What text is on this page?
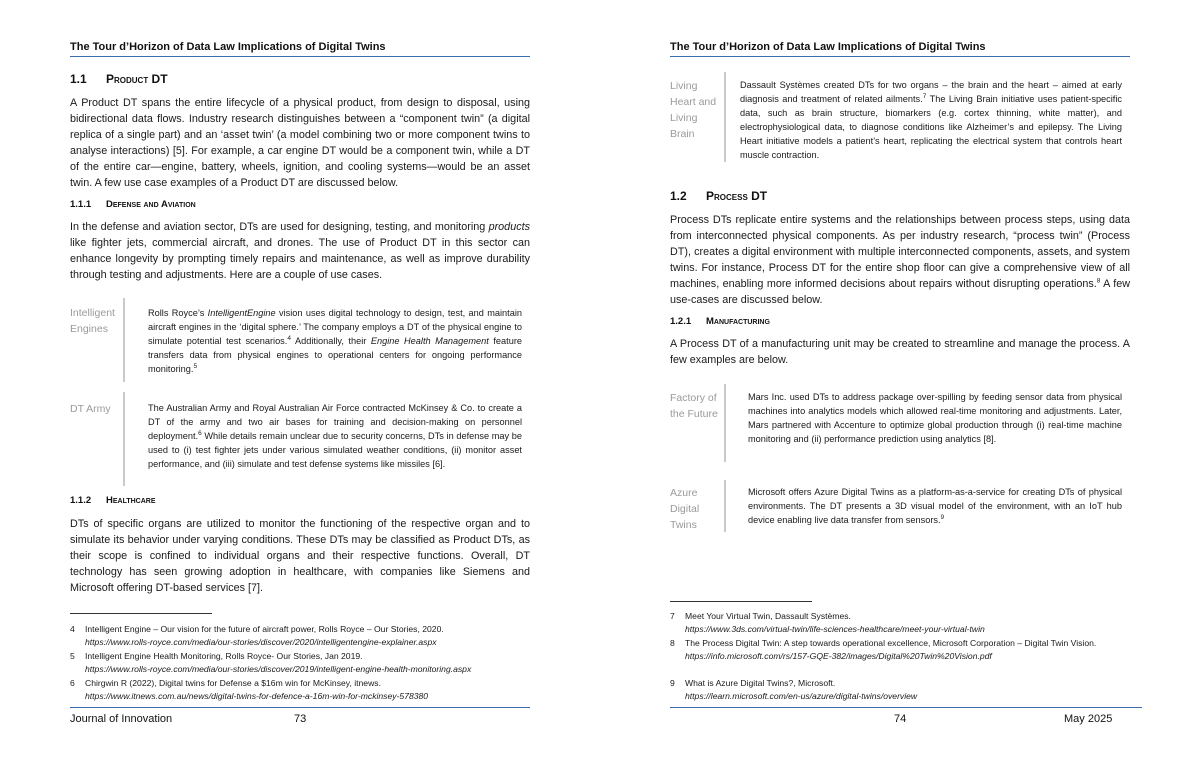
The Tour d’Horizon of Data Law Implications of Digital Twins
1.1 Product DT
A Product DT spans the entire lifecycle of a physical product, from design to disposal, using bidirectional data flows. Industry research distinguishes between a “component twin” (a digital replica of a single part) and an ‘asset twin’ (a model combining two or more component twins to analyse interactions) [5]. For example, a car engine DT would be a component twin, while a DT of the entire car—engine, battery, wheels, ignition, and cooling systems—would be an asset twin. A few use case examples of a Product DT are discussed below.
1.1.1 Defense and Aviation
In the defense and aviation sector, DTs are used for designing, testing, and monitoring products like fighter jets, commercial aircraft, and drones. The use of Product DT in this sector can enhance longevity by prompting timely repairs and maintenance, as well as improve durability through testing and adjustments. Here are a couple of use cases.
Intelligent Engines
Rolls Royce’s IntelligentEngine vision uses digital technology to design, test, and maintain aircraft engines in the ‘digital sphere.’ The company employs a DT of the physical engine to simulate potential test scenarios.$^4$ Additionally, their Engine Health Management feature transfers data from physical engines to operational centers for ongoing performance monitoring.$^5$
DT Army	The Australian Army and Royal Australian Air Force contracted McKinsey & Co. to create a DT of the army and two air bases for training and decision-making on personnel deployment.$^6$ While details remain unclear due to security concerns, DTs in defense may be used to (i) test fighter jets under various simulated weather conditions, (ii) monitor asset performance, and (iii) simulate and test defense systems like missiles [6].
1.1.2 Healthcare
DTs of specific organs are utilized to monitor the functioning of the respective organ and to simulate its behavior under varying conditions. These DTs may be classified as Product DTs, as their scope is confined to individual organs and their respective functions. Overall, DT technology has seen growing adoption in healthcare, with companies like Siemens and Microsoft offering DT-based services [7].
4 Intelligent Engine – Our vision for the future of aircraft power, Rolls Royce – Our Stories, 2020.
https://www.rolls-royce.com/media/our-stories/discover/2020/intelligentengine-explainer.aspx
5 Intelligent Engine Health Monitoring, Rolls Royce- Our Stories, Jan 2019.
https://www.rolls-royce.com/media/our-stories/discover/2019/intelligent-engine-health-monitoring.aspx
6 Chirgwin R (2022), Digital twins for Defense a $16m win for McKinsey, itnews.
https://www.itnews.com.au/news/digital-twins-for-defence-a-16m-win-for-mckinsey-578380
Journal of Innovation	73
The Tour d’Horizon of Data Law Implications of Digital Twins
Living Heart and Living Brain
Dassault Systèmes created DTs for two organs – the brain and the heart – aimed at early diagnosis and treatment of related ailments.$^7$ The Living Brain initiative uses patient-specific data, such as brain structure, biomarkers (e.g. cortex thinning, white matter), and electrophysiological data, to diagnose conditions like Alzheimer’s and epilepsy. The Living Heart initiative models a patient’s heart, replicating the electrical system that controls heart muscle contraction.
1.2 Process DT
Process DTs replicate entire systems and the relationships between process steps, using data from interconnected physical components. As per industry research, “process twin” (Process DT), creates a digital environment with multiple interconnected components, assets, and system twins. For instance, Process DT for the entire shop floor can give a comprehensive view of all machines, enabling more informed decisions about repairs without disrupting operations.$^8$ A few use-cases are discussed below.
1.2.1 Manufacturing
A Process DT of a manufacturing unit may be created to streamline and manage the process. A few examples are below.
Factory of the Future
Mars Inc. used DTs to address package over-spilling by feeding sensor data from physical machines into analytics models which allowed real-time monitoring and adjustments. Later, Mars partnered with Accenture to optimize global production through (i) real-time machine monitoring and (ii) performance prediction using analytics [8].
Azure Digital Twins
Microsoft offers Azure Digital Twins as a platform-as-a-service for creating DTs of physical environments. The DT presents a 3D visual model of the environment, with an IoT hub device enabling live data transfer from sensors.$^9$
7 Meet Your Virtual Twin, Dassault Systèmes.
https://www.3ds.com/virtual-twin/life-sciences-healthcare/meet-your-virtual-twin
8 The Process Digital Twin: A step towards operational excellence, Microsoft Corporation – Digital Twin Vision.
https://info.microsoft.com/rs/157-GQE-382/images/Digital%20Twin%20Vision.pdf
9 What is Azure Digital Twins?, Microsoft.
https://learn.microsoft.com/en-us/azure/digital-twins/overview
74	May 2025
